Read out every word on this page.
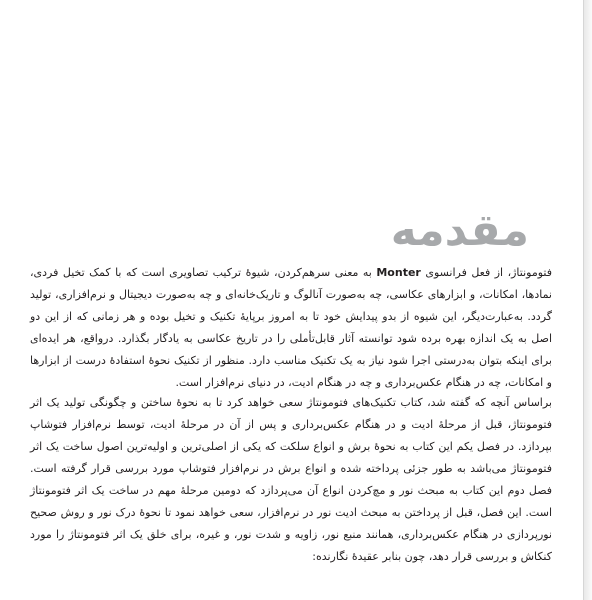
مقدمه

فتومونتاژ، از فعل فرانسوی Monter به معنی سرهم‌کردن، شیوهٔ ترکیب تصاویری است که با کمک تخیل فردی، نمادها، امکانات، و ابزارهای عکاسی، چه به‌صورت آنالوگ و تاریک‌خانه‌ای و چه به‌صورت دیجیتال و نرم‌افزاری، تولید گردد. به‌عبارت‌دیگر، این شیوه از بدو پیدایش خود تا به امروز برپایهٔ تکنیک و تخیل بوده و هر زمانی که از این دو اصل به یک اندازه بهره برده شود توانسته آثار قابل‌تأملی را در تاریخ عکاسی به یادگار بگذارد. درواقع، هر ایده‌ای برای اینکه بتوان به‌درستی اجرا شود نیاز به یک تکنیک مناسب دارد. منظور از تکنیک نحوهٔ استفادهٔ درست از ابزارها و امکانات، چه در هنگام عکس‌برداری و چه در هنگام ادیت، در دنیای نرم‌افزار است.

براساس آنچه که گفته شد، کتاب تکنیک‌های فتومونتاژ سعی خواهد کرد تا به نحوهٔ ساختن و چگونگی تولید یک اثر فتومونتاژ، قبل از مرحلهٔ ادیت و در هنگام عکس‌برداری و پس از آن در مرحلهٔ ادیت، توسط نرم‌افزار فتوشاپ بپردازد. در فصل یکم این کتاب به نحوهٔ برش و انواع سلکت که یکی از اصلی‌ترین و اولیه‌ترین اصول ساخت یک اثر فتومونتاژ می‌باشد به طور جزئی پرداخته شده و انواع برش در نرم‌افزار فتوشاپ مورد بررسی قرار گرفته است. فصل دوم این کتاب به مبحث نور و مچ‌کردن انواع آن می‌پردازد که دومین مرحلهٔ مهم در ساخت یک اثر فتومونتاژ است. این فصل، قبل از پرداختن به مبحث ادیت نور در نرم‌افزار، سعی خواهد نمود تا نحوهٔ درک نور و روش صحیح نورپردازی در هنگام عکس‌برداری، همانند منبع نور، زاویه و شدت نور، و غیره، برای خلق یک اثر فتومونتاژ را مورد کنکاش و بررسی قرار دهد، چون بنابر عقیدهٔ نگارنده:
